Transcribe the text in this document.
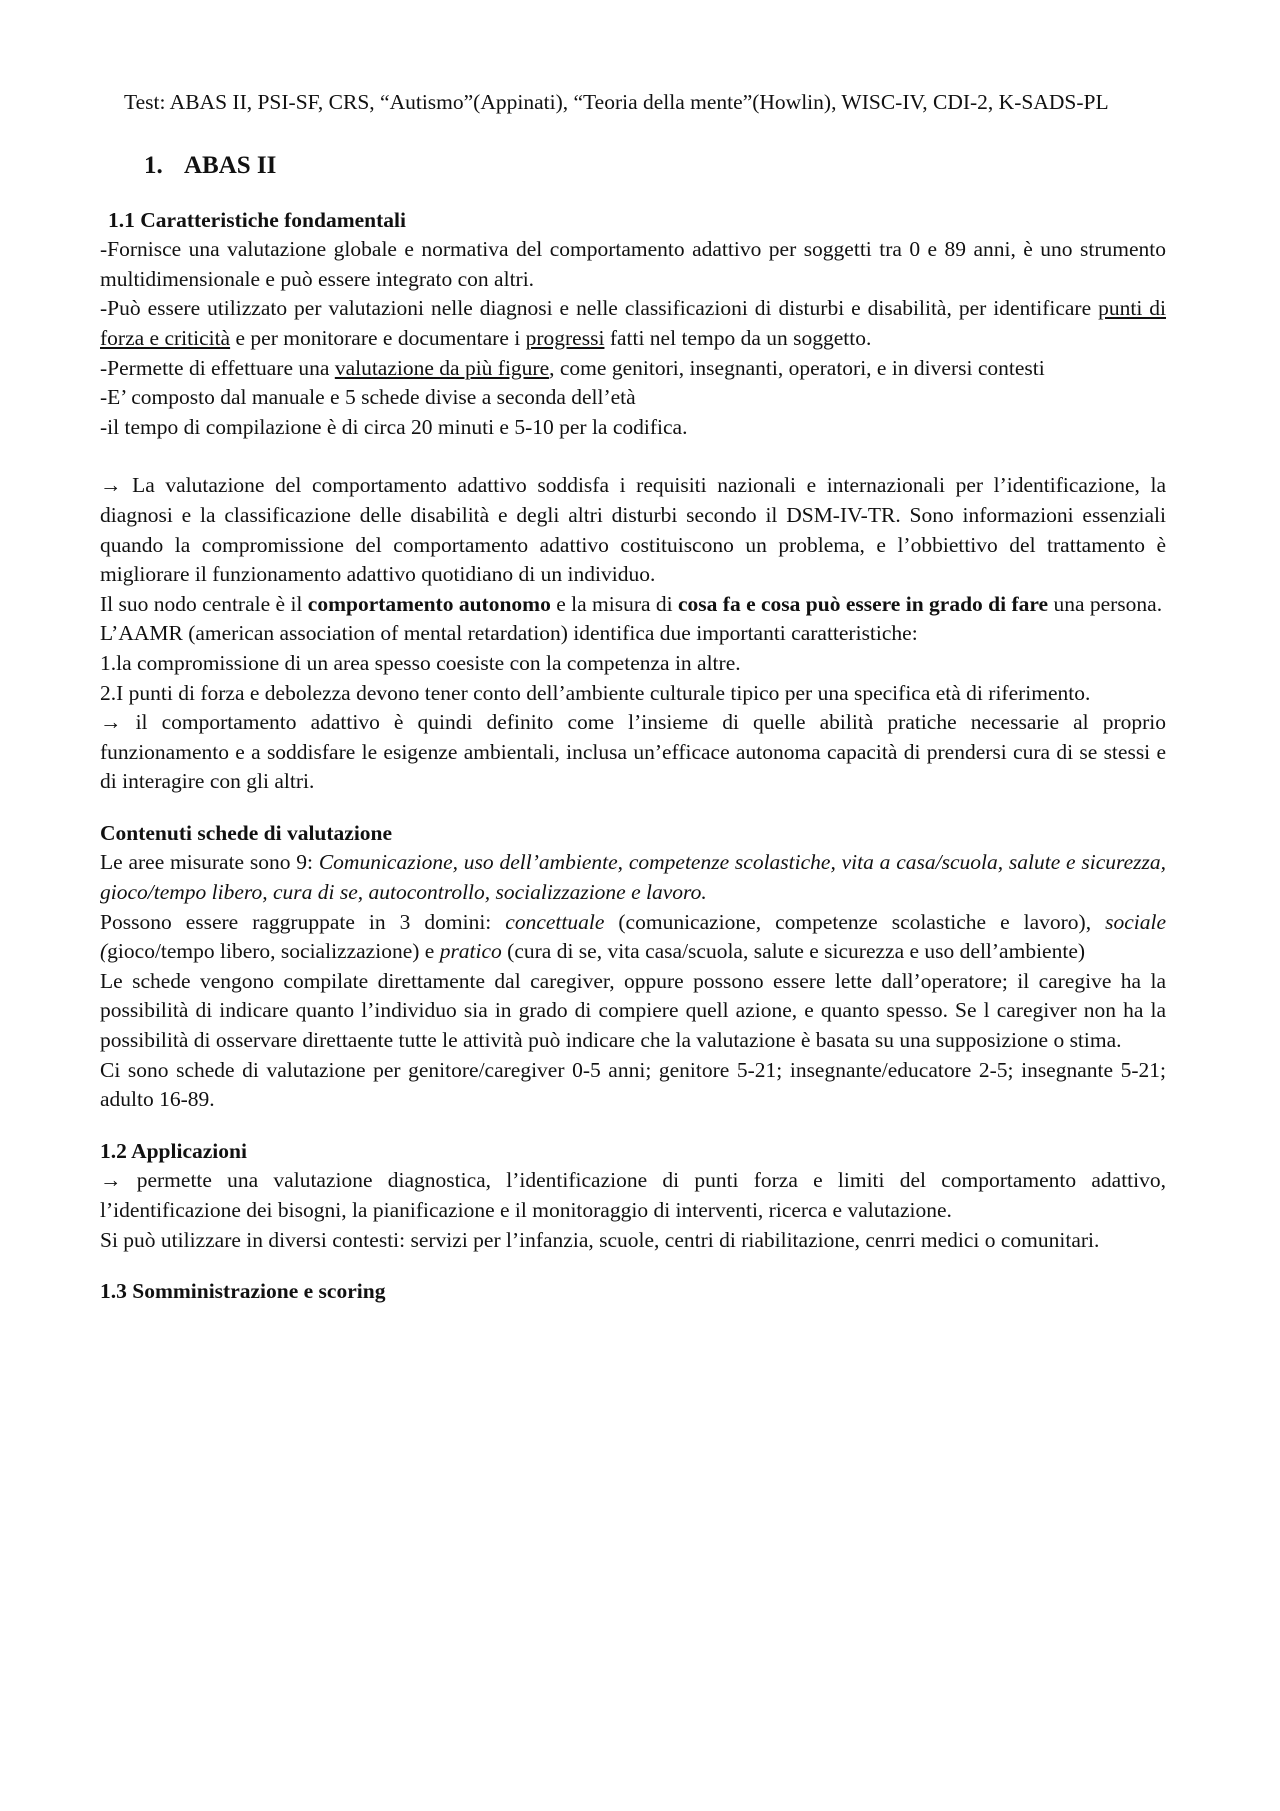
Test: ABAS II, PSI-SF, CRS, “Autismo”(Appinati), “Teoria della mente”(Howlin), WISC-IV, CDI-2, K-SADS-PL

1. ABAS II

1.1 Caratteristiche fondamentali

-Fornisce una valutazione globale e normativa del comportamento adattivo per soggetti tra 0 e 89 anni, è uno strumento multidimensionale e può essere integrato con altri.

-Può essere utilizzato per valutazioni nelle diagnosi e nelle classificazioni di disturbi e disabilità, per identificare punti di forza e criticità e per monitorare e documentare i progressi fatti nel tempo da un soggetto.

-Permette di effettuare una valutazione da più figure, come genitori, insegnanti, operatori, e in diversi contesti

-E’ composto dal manuale e 5 schede divise a seconda dell’età

-il tempo di compilazione è di circa 20 minuti e 5-10 per la codifica.

→ La valutazione del comportamento adattivo soddisfa i requisiti nazionali e internazionali per l’identificazione, la diagnosi e la classificazione delle disabilità e degli altri disturbi secondo il DSM-IV-TR. Sono informazioni essenziali quando la compromissione del comportamento adattivo costituiscono un problema, e l’obbiettivo del trattamento è migliorare il funzionamento adattivo quotidiano di un individuo.

Il suo nodo centrale è il comportamento autonomo e la misura di cosa fa e cosa può essere in grado di fare una persona.

L’AAMR (american association of mental retardation) identifica due importanti caratteristiche:

1.la compromissione di un area spesso coesiste con la competenza in altre.

2.I punti di forza e debolezza devono tener conto dell’ambiente culturale tipico per una specifica età di riferimento.

→ il comportamento adattivo è quindi definito come l’insieme di quelle abilità pratiche necessarie al proprio funzionamento e a soddisfare le esigenze ambientali, inclusa un’efficace autonoma capacità di prendersi cura di se stessi e di interagire con gli altri.

Contenuti schede di valutazione

Le aree misurate sono 9: Comunicazione, uso dell’ambiente, competenze scolastiche, vita a casa/scuola, salute e sicurezza, gioco/tempo libero, cura di se, autocontrollo, socializzazione e lavoro.

Possono essere raggruppate in 3 domini: concettuale (comunicazione, competenze scolastiche e lavoro), sociale (gioco/tempo libero, socializzazione) e pratico (cura di se, vita casa/scuola, salute e sicurezza e uso dell’ambiente)

Le schede vengono compilate direttamente dal caregiver, oppure possono essere lette dall’operatore; il caregive ha la possibilità di indicare quanto l’individuo sia in grado di compiere quell azione, e quanto spesso. Se l caregiver non ha la possibilità di osservare direttaente tutte le attività può indicare che la valutazione è basata su una supposizione o stima.

Ci sono schede di valutazione per genitore/caregiver 0-5 anni; genitore 5-21; insegnante/educatore 2-5; insegnante 5-21; adulto 16-89.

1.2 Applicazioni

→ permette una valutazione diagnostica, l’identificazione di punti forza e limiti del comportamento adattivo, l’identificazione dei bisogni, la pianificazione e il monitoraggio di interventi, ricerca e valutazione.

Si può utilizzare in diversi contesti: servizi per l’infanzia, scuole, centri di riabilitazione, cenrri medici o comunitari.

1.3 Somministrazione e scoring
